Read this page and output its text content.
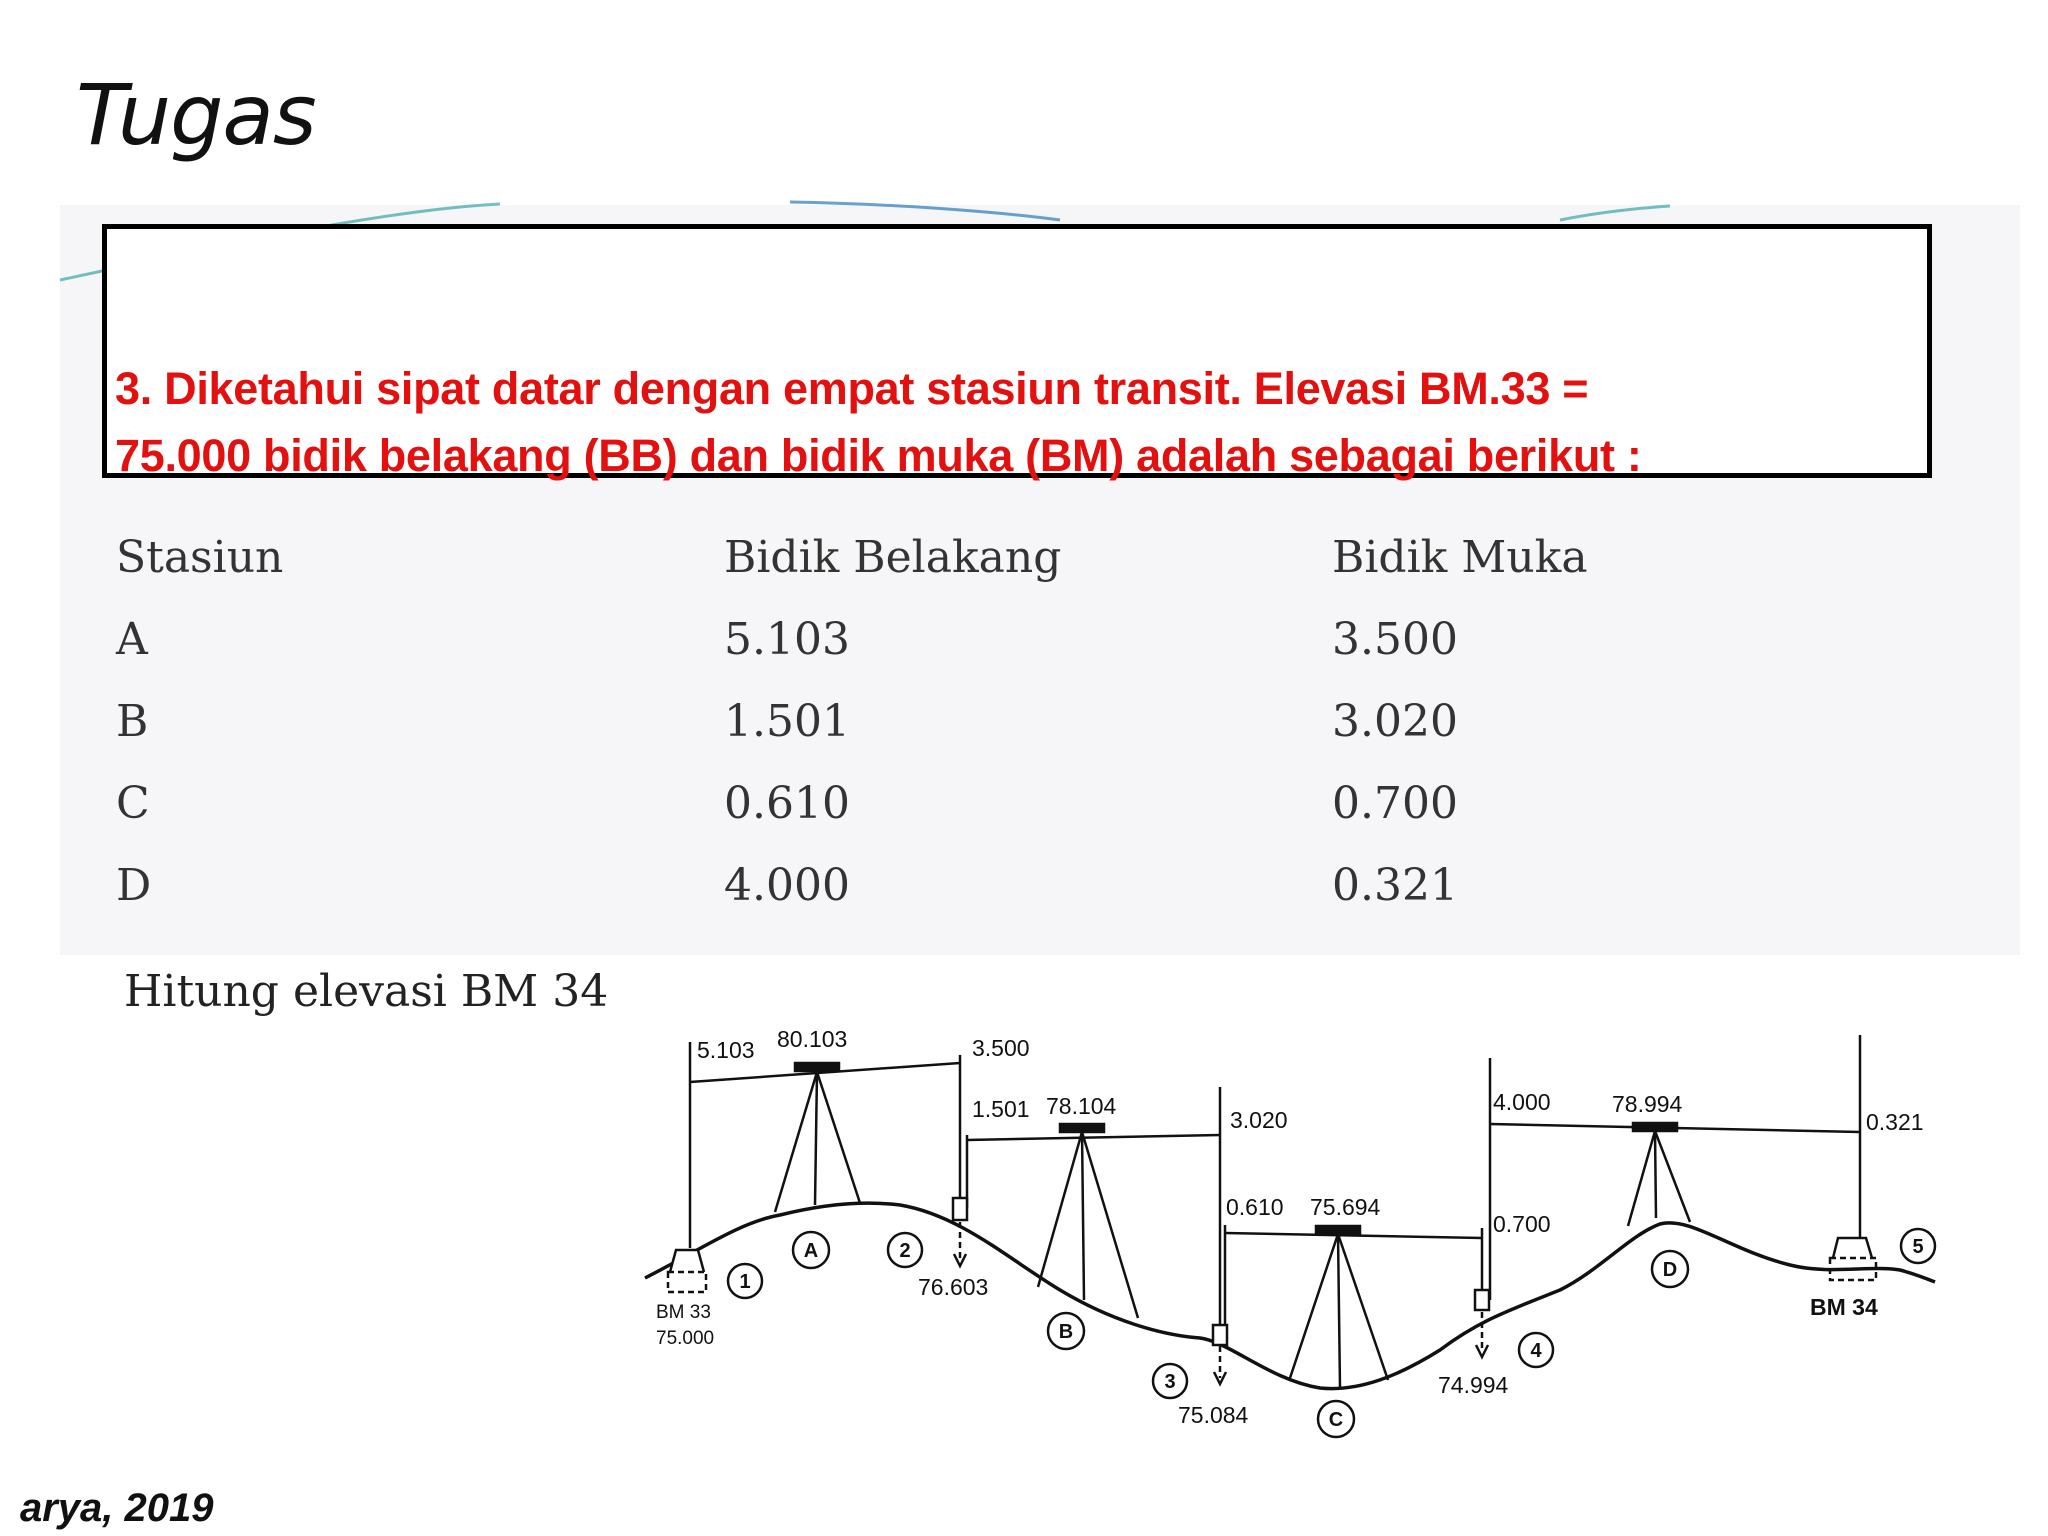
Tugas
3. Diketahui sipat datar dengan empat stasiun transit. Elevasi BM.33 =
75.000 bidik belakang (BB) dan bidik muka (BM) adalah sebagai berikut :
Stasiun	Bidik Belakang	Bidik Muka
A	5.103	3.500
B	1.501	3.020
C	0.610	0.700
D	4.000	0.321
Hitung elevasi BM 34
5.103 80.103	3.500
1.501 78.104
3.020
0.610 75.694
0.700
4.000	78.994
0.321
76.603
75.084
74.994
BM 33
75.000
BM 34
A
B
C
D
1
2
3
4
5
arya, 2019
